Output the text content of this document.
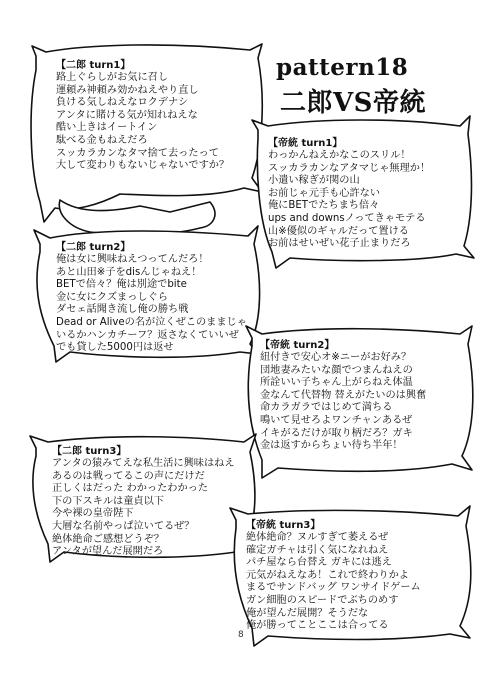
pattern18
二郎VS帝統
【二郎 turn1】
路上ぐらしがお気に召し
運頼み神頼み効かねえやり直し
負ける気しねえなロクデナシ
アンタに賭ける気が知れねえな
酷い上きはイートイン
駄べる金もねえだろ
スッカラカンなタマ捨て去ったって
大して変わりもないじゃないですか？
【帝統 turn1】
わっかんねえかなこのスリル！
スッカラカンなアタマじゃ無理か！
小遣い稼ぎが関の山
お前じゃ元手も心許ない
俺にBETでたちまち倍々
ups and downsノってきゃモテる
山※優似のギャルだって置ける
お前はせいぜい花子止まりだろ
【二郎 turn2】
俺は女に興味ねえつってんだろ！
あと山田※子をdisんじゃねえ！
BETで倍々？俺は別途でbite
金に女にクズまっしぐら
ダセェ話聞き流し俺の勝ち戦
Dead or Aliveの名が泣くぜこのままじゃ
いるかハンカチーフ？返さなくていいぜ
でも貸した5000円は返せ	【帝統 turn2】
紐付きで安心オ※ニーがお好み？
団地妻みたいな顔でつまんねえの
所詮いい子ちゃん上がらねえ体温
金なんて代替物 替えがたいのは興奮
命カラガラではじめて満ちる
鳴いて見せろよワンチャンあるぜ
イキがるだけが取り柄だろ？ガキ
金は返すからちょい待ち半年！
【二郎 turn3】
アンタの猿みてえな私生活に興味はねえ
あるのは戦ってるこの声にだけだ
正しくはだった わかったわかった
下の下スキルは童貞以下
今や裸の皇帝陛下
大層な名前やっぱ泣いてるぜ？
絶体絶命ご感想どうぞ？
アンタが望んだ展開だろ
【帝統 turn3】
絶体絶命？ヌルすぎて萎えるぜ
確定ガチャは引く気になれねえ
パチ屋なら台替え ガキには逃え
元気がねえなあ！これで終わりかよ
まるでサンドバッグ ワンサイドゲーム
ガン細胞のスピードでぶちのめす
俺が望んだ展開？そうだな
俺が勝ってことここは合ってる
8
